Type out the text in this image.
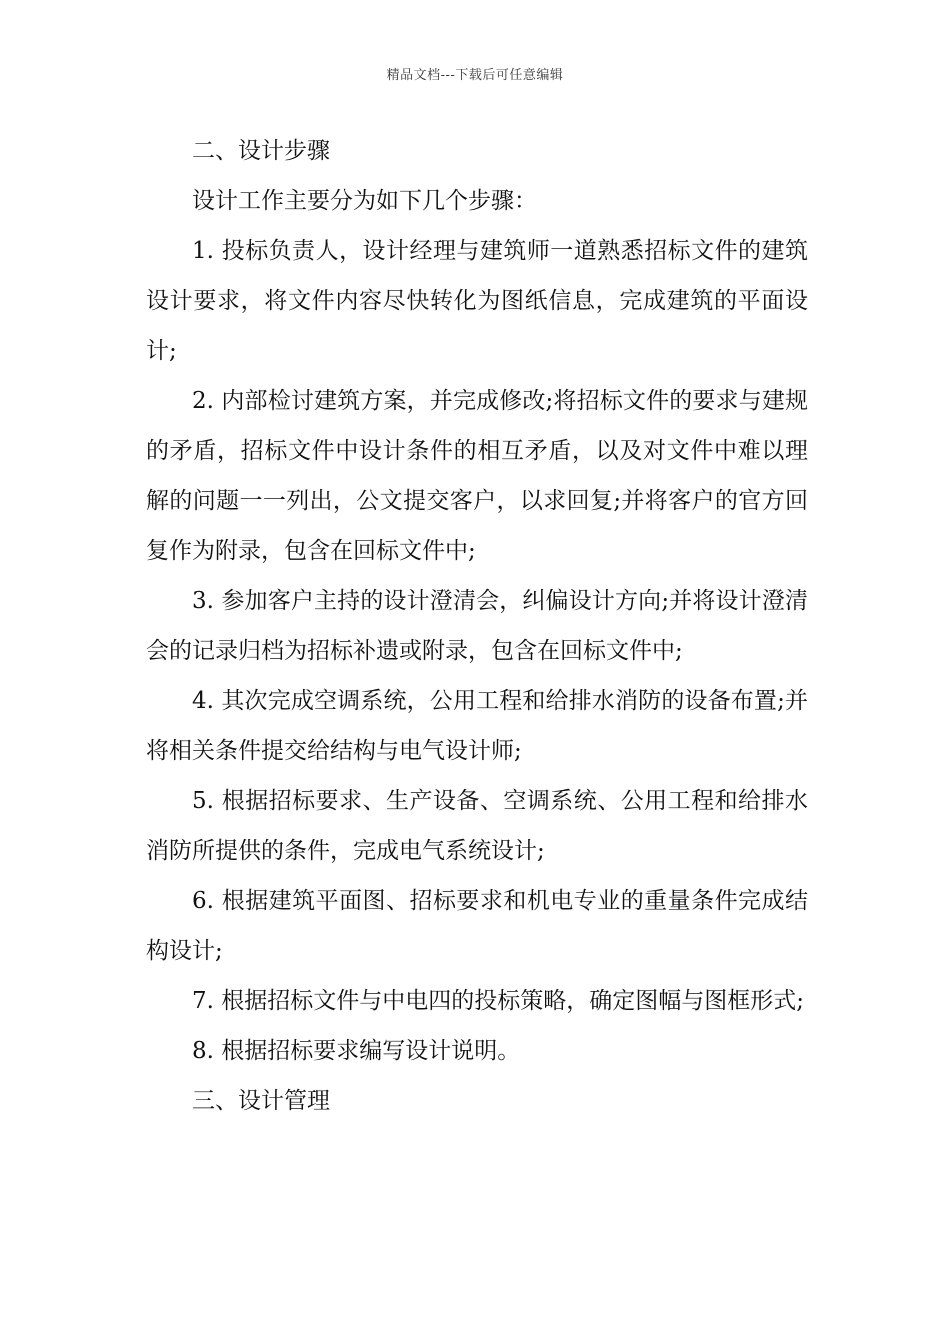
精品文档---下载后可任意编辑

二、设计步骤

设计工作主要分为如下几个步骤：

1. 投标负责人，设计经理与建筑师一道熟悉招标文件的建筑设计要求，将文件内容尽快转化为图纸信息，完成建筑的平面设计;

2. 内部检讨建筑方案，并完成修改;将招标文件的要求与建规的矛盾，招标文件中设计条件的相互矛盾，以及对文件中难以理解的问题一一列出，公文提交客户，以求回复;并将客户的官方回复作为附录，包含在回标文件中;

3. 参加客户主持的设计澄清会，纠偏设计方向;并将设计澄清会的记录归档为招标补遗或附录，包含在回标文件中;

4. 其次完成空调系统，公用工程和给排水消防的设备布置;并将相关条件提交给结构与电气设计师;

5. 根据招标要求、生产设备、空调系统、公用工程和给排水消防所提供的条件，完成电气系统设计;

6. 根据建筑平面图、招标要求和机电专业的重量条件完成结构设计;

7. 根据招标文件与中电四的投标策略，确定图幅与图框形式;

8. 根据招标要求编写设计说明。

三、设计管理
